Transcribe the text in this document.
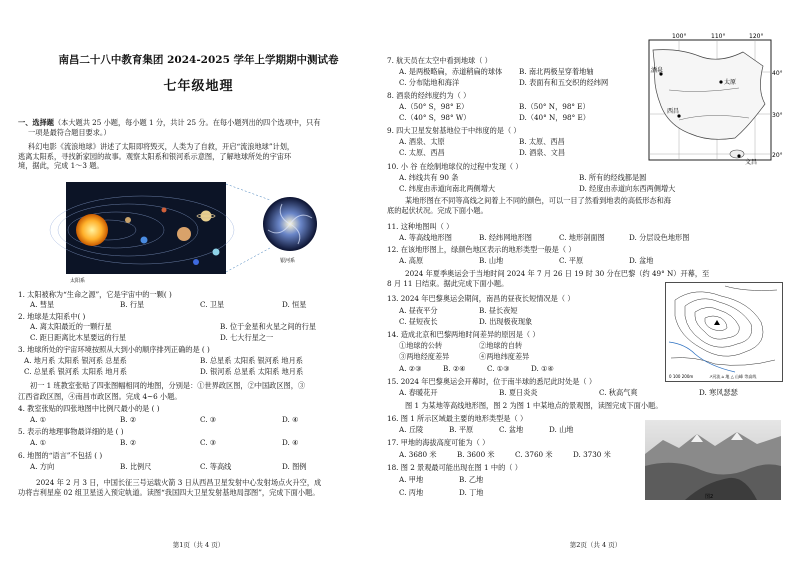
南昌二十八中教育集团 2024-2025 学年上学期期中测试卷
七年级地理
一、选择题（本大题共 25 小题，每小题 1 分，共计 25 分。在每小题列出的四个选项中，只有
一项是最符合题目要求。）
科幻电影《流浪地球》讲述了太阳即将毁灭，人类为了自救，开启“流浪地球”计划，
逃离太阳系，寻找新家园的故事。观察太阳系和银河系示意图，了解地球所处的宇宙环
境，据此，完成 1～3 题。
太阳系
银河系
1. 太阳被称为“生命之源”，它是宇宙中的一颗( )
A. 彗星	B. 行星	C. 卫星	D. 恒星
2. 地球是太阳系中( )
A. 离太阳最近的一颗行星	B. 位于金星和火星之间的行星
C. 距日距离比木星要远的行星	D. 七大行星之一
3. 地球所处的宇宙环境按照从大到小的顺序排列正确的是 ( )
A. 地月系 太阳系 银河系 总星系	B. 总星系 太阳系 银河系 地月系
C. 总星系 银河系 太阳系 地月系	D. 银河系 总星系 太阳系 地月系
初一 1 班教室张贴了四张图幅相同的地图，分别是：①世界政区图，②中国政区图，③
江西省政区图，④南昌市政区图。完成 4~6 小题。
4. 教室张贴的四张地图中比例尺最小的是 ( )
A. ①	B. ②	C. ③	D. ④
5. 表示的地理事物最详细的是 ( )
A. ①	B. ②	C. ③	D. ④
6. 地图的“语言”不包括 ( )
A. 方向	B. 比例尺	C. 等高线	D. 图例
2024 年 2 月 3 日，中国长征三号运载火箭 3 日从西昌卫星发射中心发射场点火升空，成
功将吉利星座 02 组卫星送入预定轨道。读图“我国四大卫星发射基地局部图”，完成下面小题。
第1页（共 4 页）
7. 航天员在太空中看到地球（ ）
A. 是两极略扁，赤道稍扁的球体 B. 南北两极呈穿着地轴
C. 分布陆地和海洋	D. 表面有和五交织的经纬网
8. 酒泉的经纬度约为（ ）
A.（50° S，98° E）	B.（50° N，98° E）
C.（40° S，98° W）	D.（40° N，98° E）
9. 四大卫星发射基地位于中纬度的是（ ）
A. 酒泉、太原	B. 太原、西昌
C. 太原、西昌	D. 酒泉、文昌
100°	110°	120°
40°
30°
20°
酒泉
太原
西昌
文昌
10. 小 谷 在绘制地球仪的过程中发现（ ）
A. 纬线共有 90 条	B. 所有的经线都是圆
C. 纬度由赤道向南北两侧增大	D. 经度由赤道向东西两侧增大
某地形图在不同等高线之间着上不同的颜色，可以一目了然看到地表的高低形态和海
底的起伏状况。完成下面小题。
11. 这种地图叫（ ）
A. 等高线地形图	B. 经纬网地形图	C. 地形剖面图	D. 分层设色地形图
12. 在该地形图上，绿颜色地区表示的地形类型一般是（ ）
A. 高原	B. 山地	C. 平原	D. 盆地
2024 年夏季奥运会于当地时间 2024 年 7 月 26 日 19 时 30 分在巴黎（约 49° N）开幕，至
8 月 11 日结束。据此完成下面小题。
13. 2024 年巴黎奥运会期间，南昌的昼夜长短情况是（ ）
A. 昼夜平分	B. 昼长夜短
C. 昼短夜长	D. 出现极夜现象
14. 造成北京和巴黎两地时间差异的原因是（ ）
①地球的公转	②地球的自转
③两地经度差异	④两地纬度差异
A. ②③	B. ②④	C. ①③	D. ①④
0 100 200m	↗河流 ⌂ 地 △ 山峰 等高线
15. 2024 年巴黎奥运会开幕时，位于南半球的悉尼此时处是（ ）
A. 春暖花开	B. 夏日炎炎	C. 秋高气爽	D. 寒风瑟瑟
图 1 为某地等高线地形图，图 2 为图 1 中某地点的景观图，读图完成下面小题。
16. 图 1 所示区域最主要的地形类型是（ ）
A. 丘陵	B. 平原	C. 盆地	D. 山地
17. 甲地的海拔高度可能为（ ）
A. 3680 米	B. 3600 米	C. 3760 米	D. 3730 米
18. 图 2 景观最可能出现在图 1 中的（ ）
A. 甲地	B. 乙地
C. 丙地	D. 丁地	图2
第2页（共 4 页）
